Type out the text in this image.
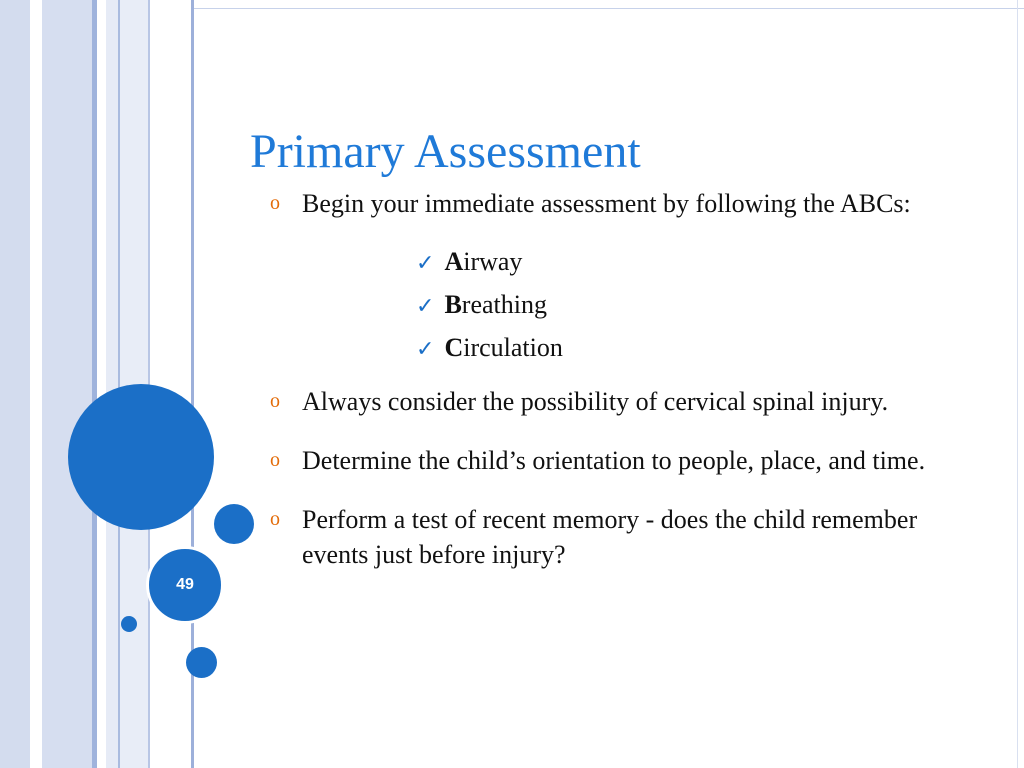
49
Primary Assessment
o Begin your immediate assessment by following the ABCs:
✓ Airway
✓ Breathing
✓ Circulation
o Always consider the possibility of cervical spinal injury.
o Determine the child’s orientation to people, place, and time.
o Perform a test of recent memory - does the child remember events just before injury?
